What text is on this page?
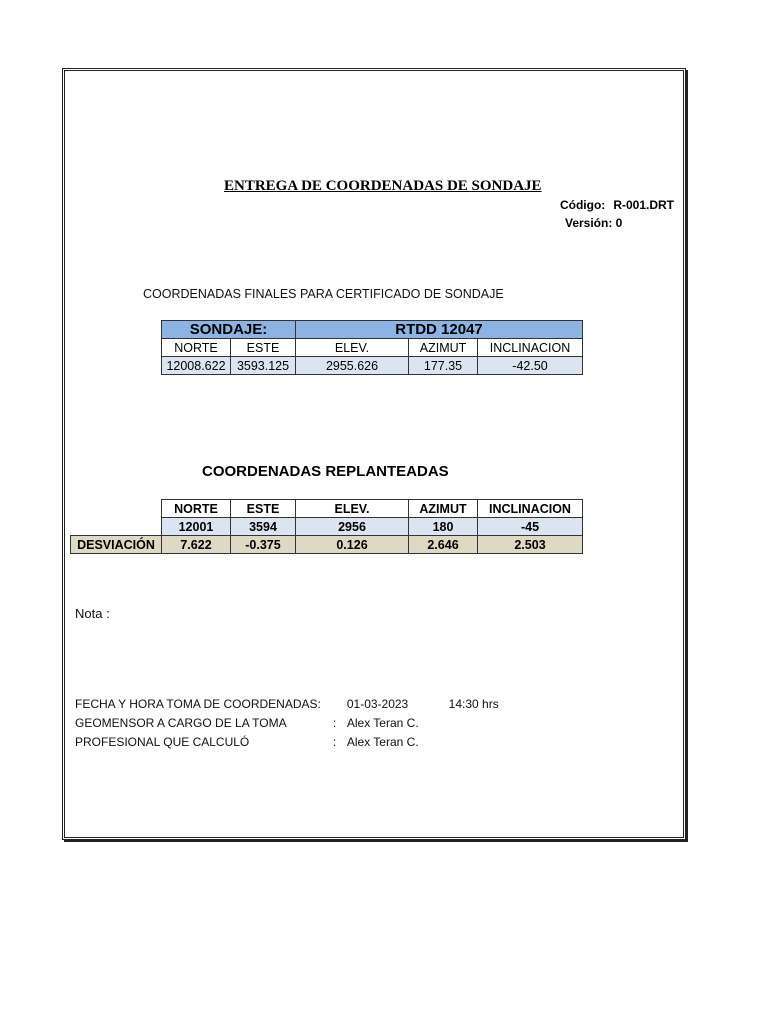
ENTREGA DE COORDENADAS DE SONDAJE
Código: R-001.DRT
Versión: 0
COORDENADAS FINALES PARA CERTIFICADO DE SONDAJE
SONDAJE:		RTDD 12047		
NORTE	ESTE	ELEV.	AZIMUT	INCLINACION
12008.622	3593.125	2955.626	177.35	-42.50
COORDENADAS REPLANTEADAS
	NORTE	ESTE	ELEV.	AZIMUT	INCLINACION
	12001	3594	2956	180	-45
DESVIACIÓN	7.622	-0.375	0.126	2.646	2.503
Nota :
FECHA Y HORA TOMA DE COORDENADAS:	01-03-2023	14:30 hrs
GEOMENSOR A CARGO DE LA TOMA	: Alex Teran C.
PROFESIONAL QUE CALCULÓ	: Alex Teran C.
